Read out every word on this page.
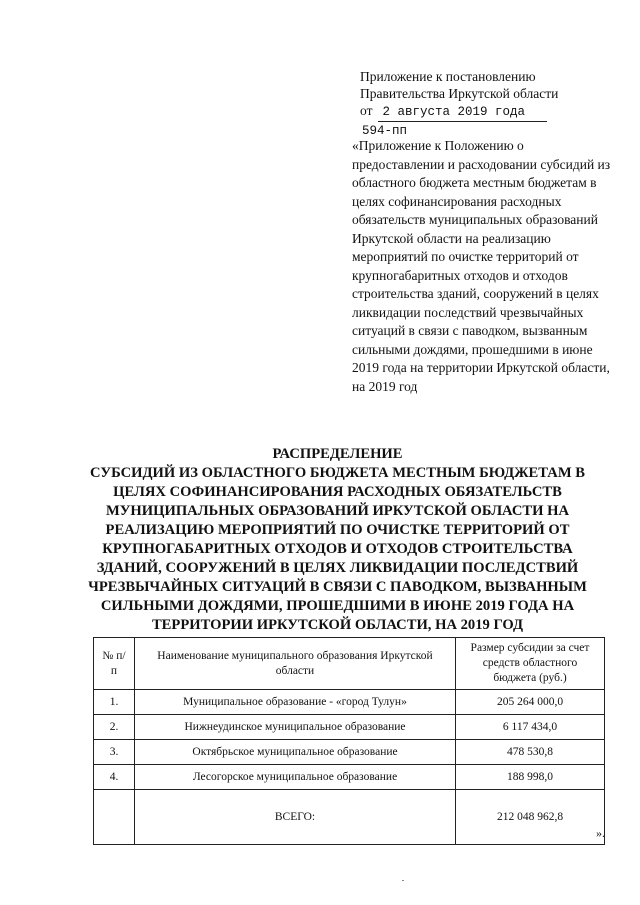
Приложение к постановлению
Правительства Иркутской области
от 2 августа 2019 года
594-пп
«Приложение к Положению о предоставлении и расходовании субсидий из областного бюджета местным бюджетам в целях софинансирования расходных обязательств муниципальных образований Иркутской области на реализацию мероприятий по очистке территорий от крупногабаритных отходов и отходов строительства зданий, сооружений в целях ликвидации последствий чрезвычайных ситуаций в связи с паводком, вызванным сильными дождями, прошедшими в июне 2019 года на территории Иркутской области, на 2019 год
РАСПРЕДЕЛЕНИЕ
СУБСИДИЙ ИЗ ОБЛАСТНОГО БЮДЖЕТА МЕСТНЫМ БЮДЖЕТАМ В ЦЕЛЯХ СОФИНАНСИРОВАНИЯ РАСХОДНЫХ ОБЯЗАТЕЛЬСТВ МУНИЦИПАЛЬНЫХ ОБРАЗОВАНИЙ ИРКУТСКОЙ ОБЛАСТИ НА РЕАЛИЗАЦИЮ МЕРОПРИЯТИЙ ПО ОЧИСТКЕ ТЕРРИТОРИЙ ОТ КРУПНОГАБАРИТНЫХ ОТХОДОВ И ОТХОДОВ СТРОИТЕЛЬСТВА ЗДАНИЙ, СООРУЖЕНИЙ В ЦЕЛЯХ ЛИКВИДАЦИИ ПОСЛЕДСТВИЙ ЧРЕЗВЫЧАЙНЫХ СИТУАЦИЙ В СВЯЗИ С ПАВОДКОМ, ВЫЗВАННЫМ СИЛЬНЫМИ ДОЖДЯМИ, ПРОШЕДШИМИ В ИЮНЕ 2019 ГОДА НА ТЕРРИТОРИИ ИРКУТСКОЙ ОБЛАСТИ, НА 2019 ГОД
№ п/п	Наименование муниципального образования Иркутской области	Размер субсидии за счет средств областного бюджета (руб.)
1.	Муниципальное образование - «город Тулун»	205 264 000,0
2.	Нижнеудинское муниципальное образование	6 117 434,0
3.	Октябрьское муниципальное образование	478 530,8
4.	Лесогорское муниципальное образование	188 998,0
	ВСЕГО:	212 048 962,8
».
